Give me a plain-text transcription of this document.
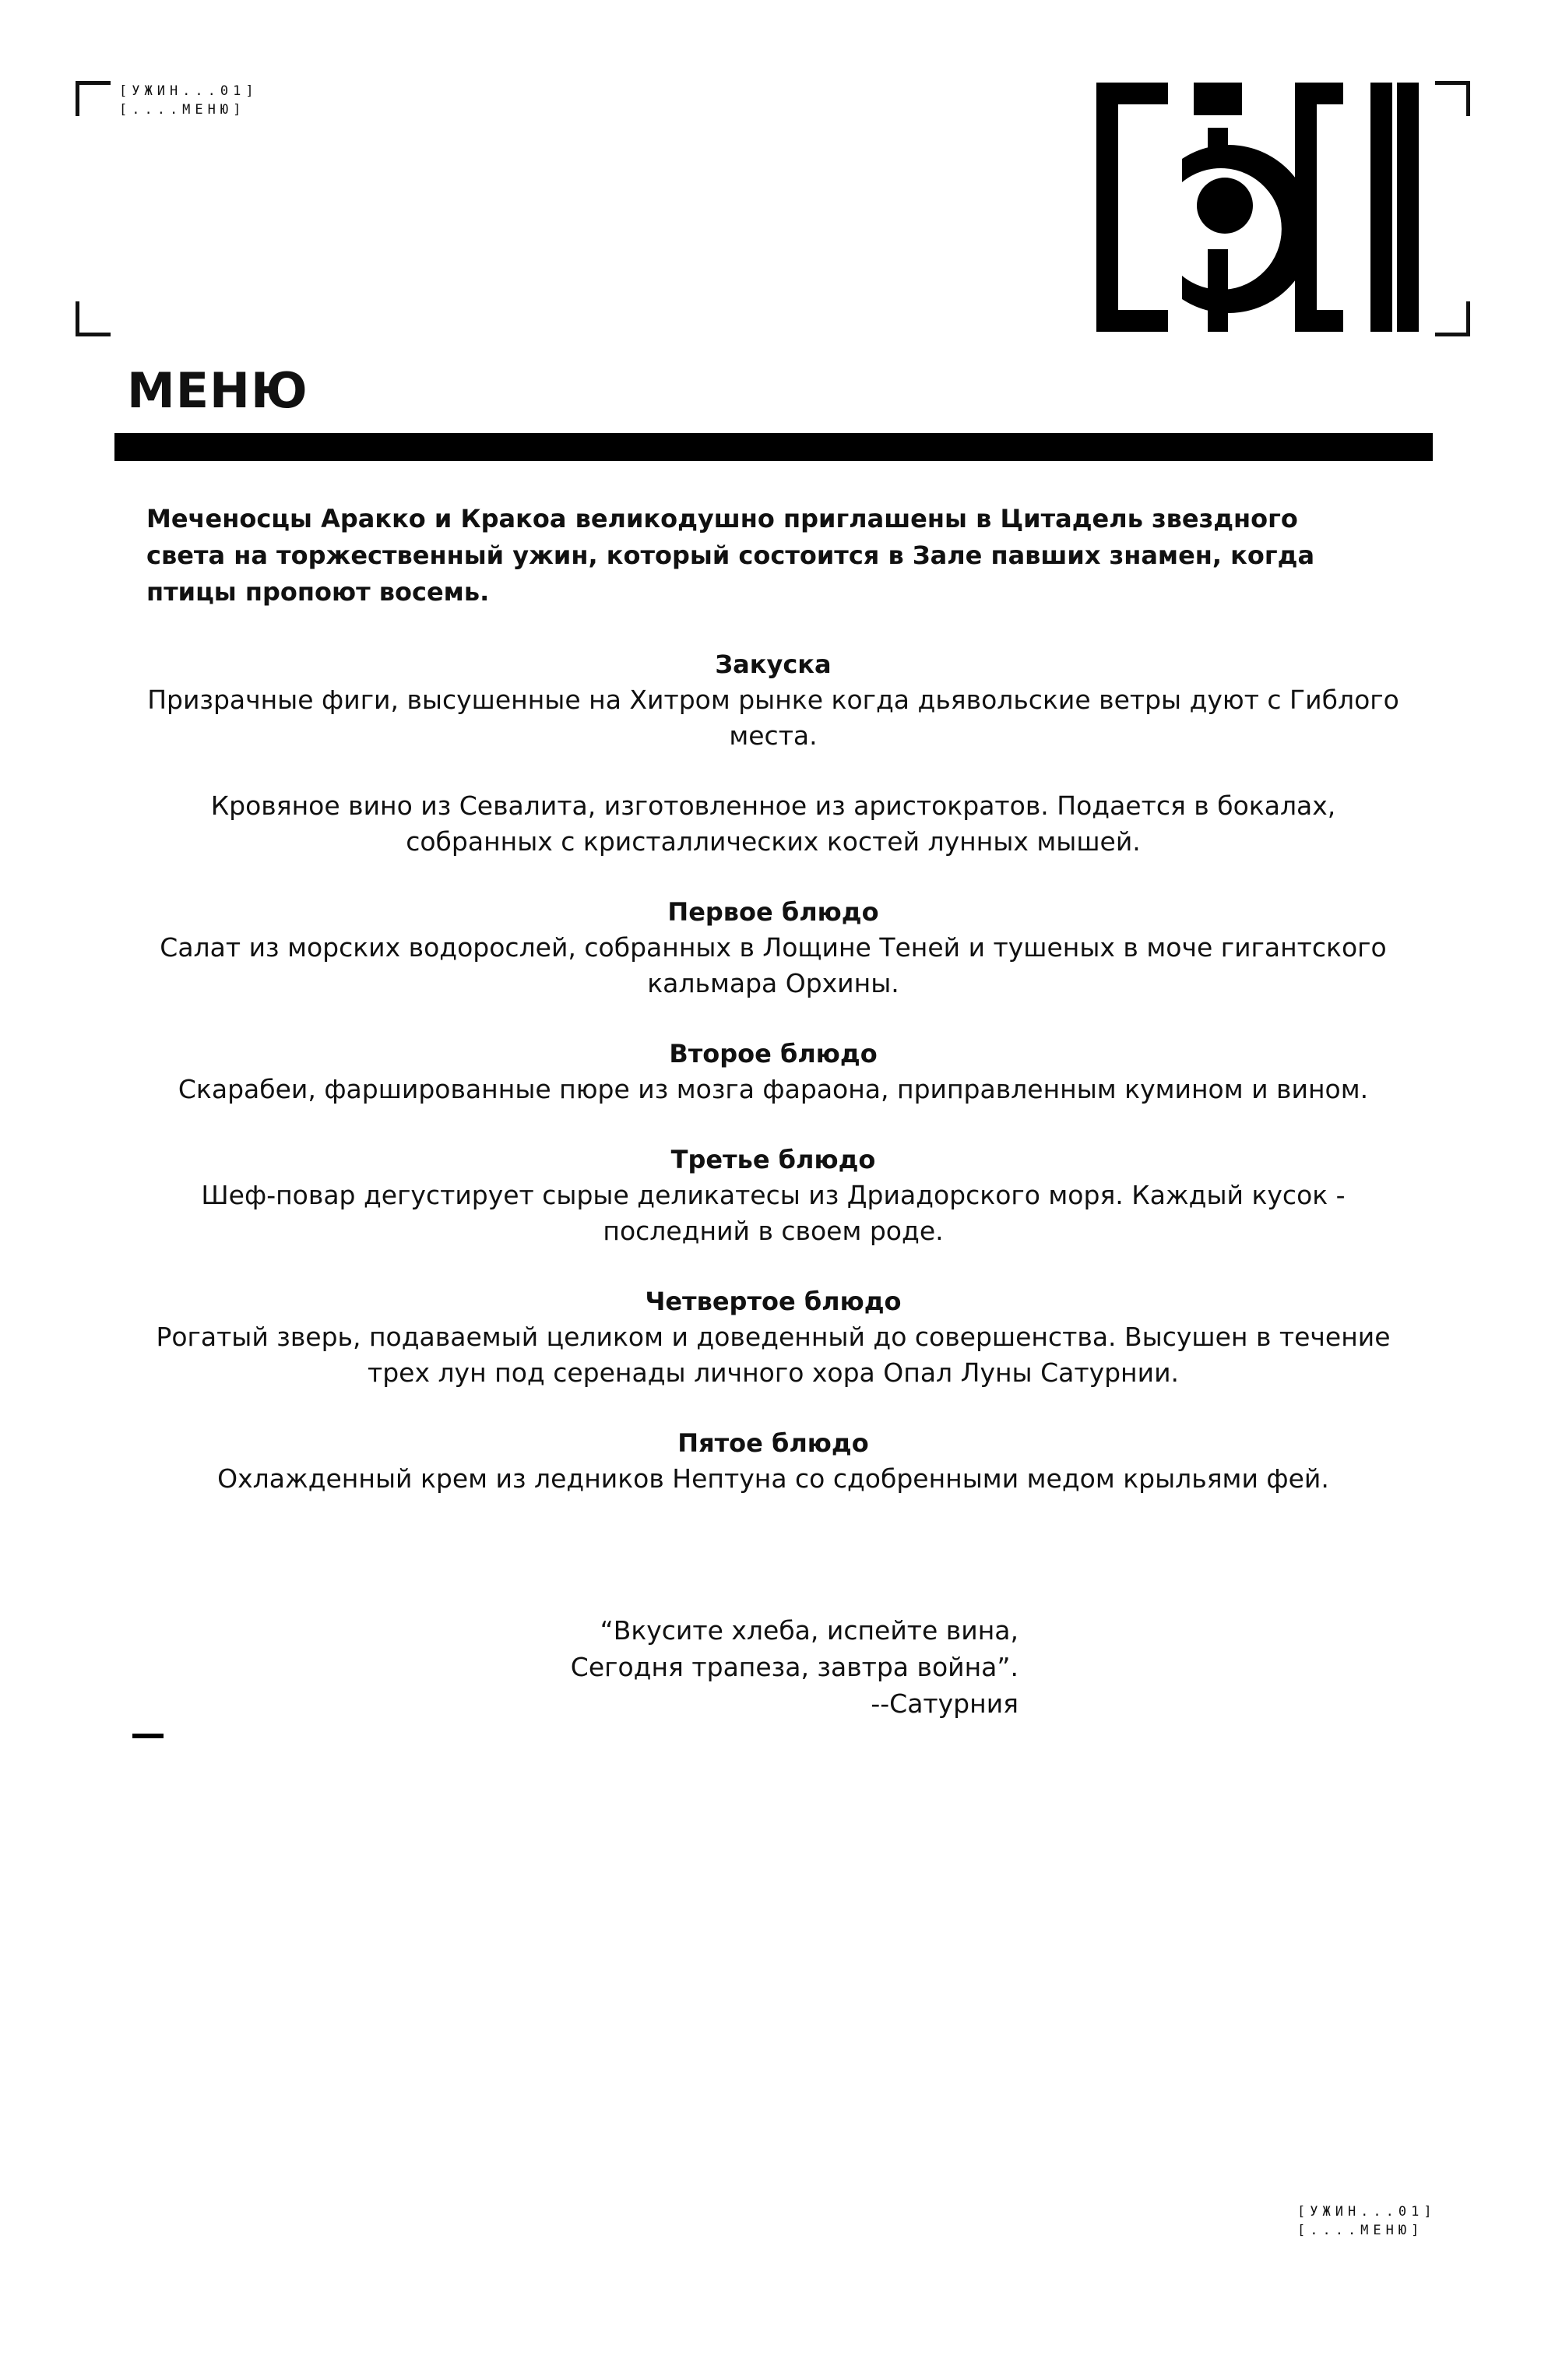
[УЖИН...01]
[....МЕНЮ]
МЕНЮ

Меченосцы Аракко и Кракоа великодушно приглашены в Цитадель звездного света на торжественный ужин, который состоится в Зале павших знамен, когда птицы пропоют восемь.

Закуска

Призрачные фиги, высушенные на Хитром рынке когда дьявольские ветры дуют с Гиблого места.

Кровяное вино из Севалита, изготовленное из аристократов. Подается в бокалах, собранных с кристаллических костей лунных мышей.

Первое блюдо

Салат из морских водорослей, собранных в Лощине Теней и тушеных в моче гигантского кальмара Орхины.

Второе блюдо

Скарабеи, фаршированные пюре из мозга фараона, приправленным кумином и вином.

Третье блюдо

Шеф-повар дегустирует сырые деликатесы из Дриадорского моря. Каждый кусок - последний в своем роде.

Четвертое блюдо

Рогатый зверь, подаваемый целиком и доведенный до совершенства. Высушен в течение трех лун под серенады личного хора Опал Луны Сатурнии.

Пятое блюдо

Охлажденный крем из ледников Нептуна со сдобренными медом крыльями фей.

“Вкусите хлеба, испейте вина,
Сегодня трапеза, завтра война”.
--Сатурния

[УЖИН...01]
[....МЕНЮ]
